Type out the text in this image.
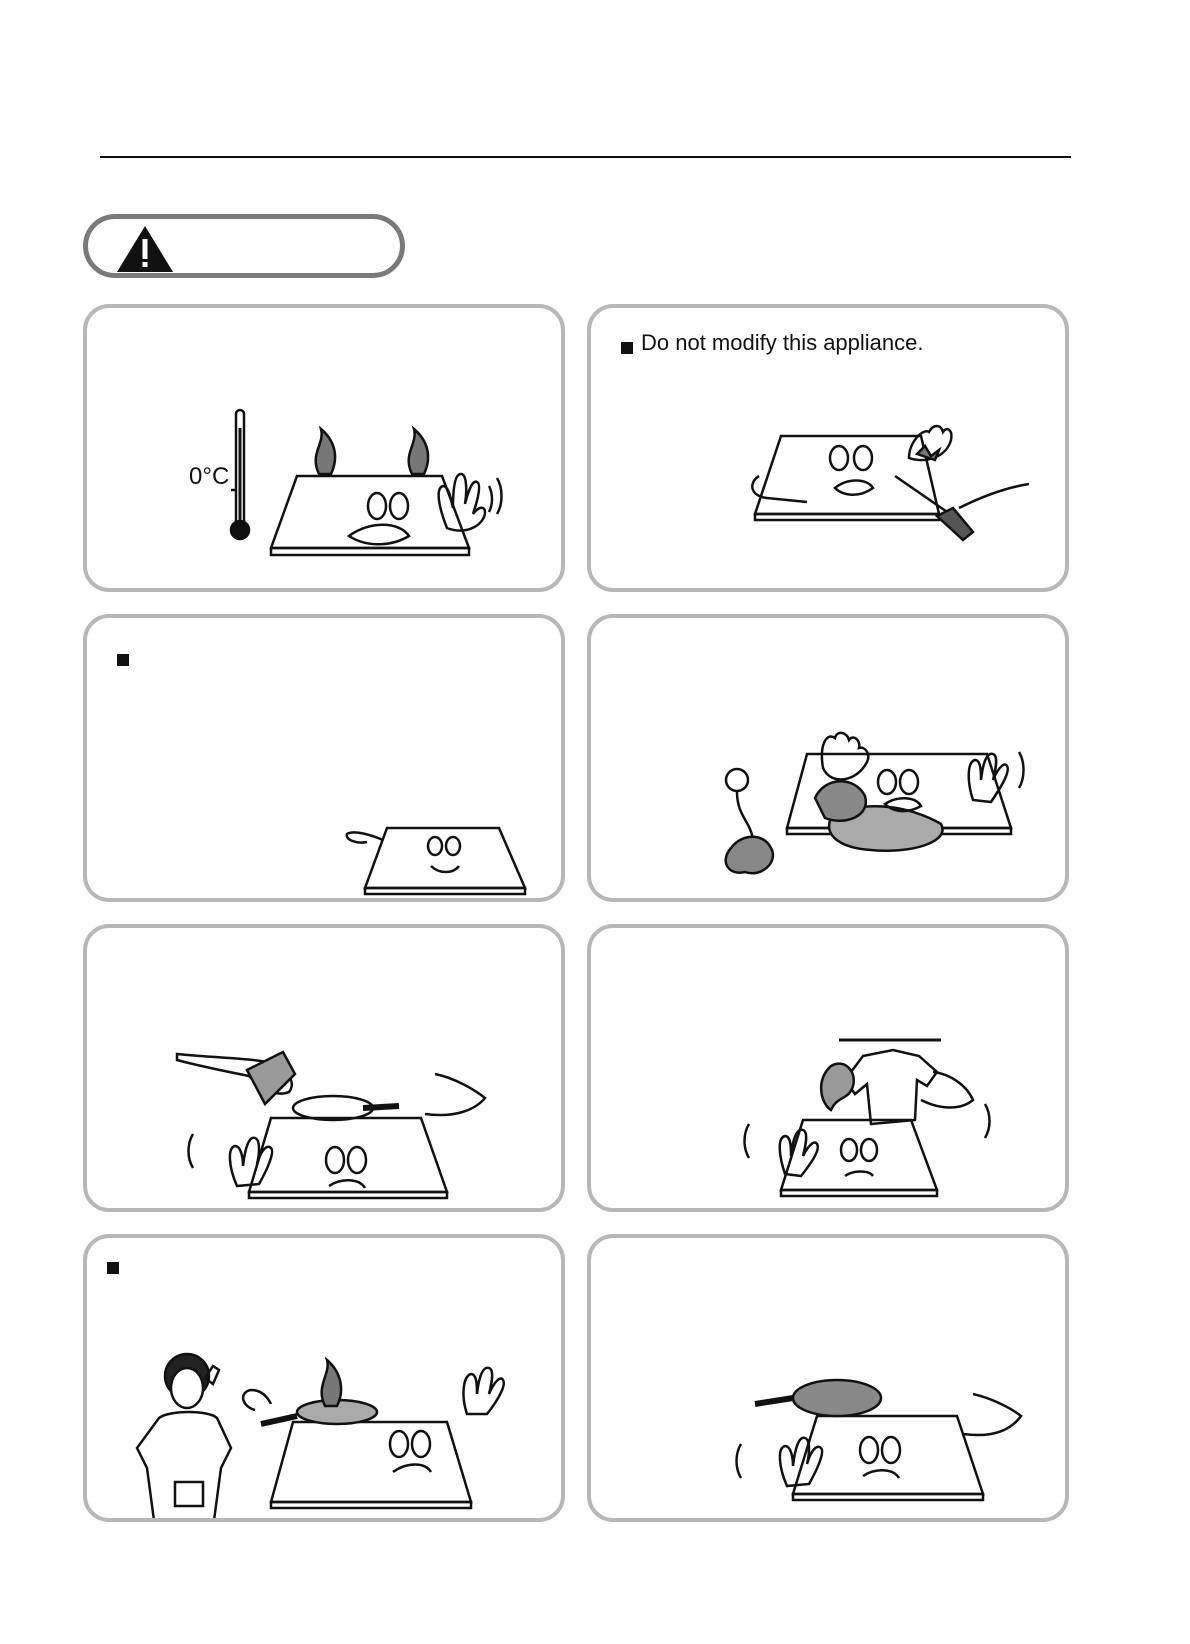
0°C
Do not modify this appliance.
